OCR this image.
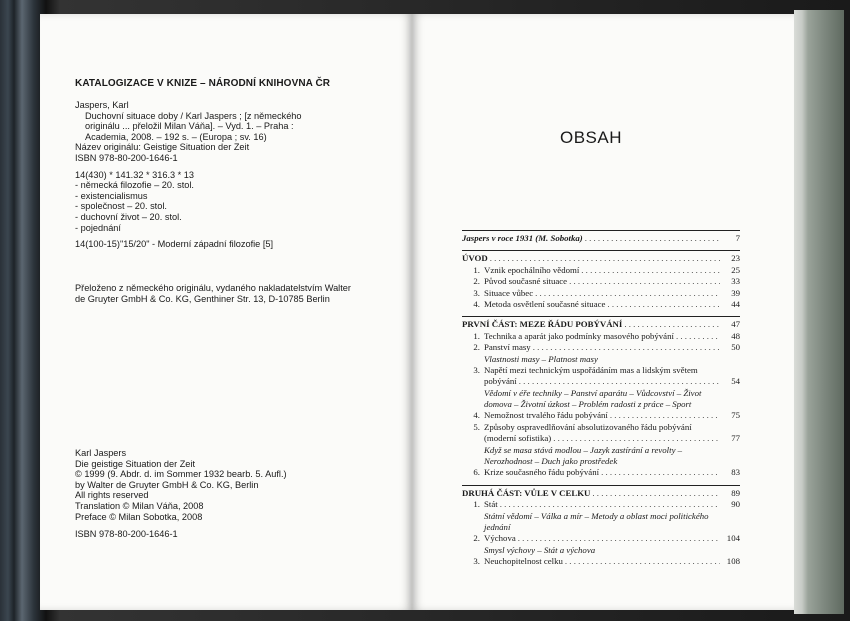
KATALOGIZACE V KNIZE – NÁRODNÍ KNIHOVNA ČR
Jaspers, Karl
Duchovní situace doby / Karl Jaspers ; [z německého
originálu ... přeložil Milan Váňa]. – Vyd. 1. – Praha :
Academia, 2008. – 192 s. – (Europa ; sv. 16)
Název originálu: Geistige Situation der Zeit
ISBN 978-80-200-1646-1
14(430) * 141.32 * 316.3 * 13
- německá filozofie – 20. stol.
- existencialismus
- společnost – 20. stol.
- duchovní život – 20. stol.
- pojednání
14(100-15)"15/20" - Moderní západní filozofie [5]
Přeloženo z německého originálu, vydaného nakladatelstvím Walter
de Gruyter GmbH & Co. KG, Genthiner Str. 13, D-10785 Berlin
Karl Jaspers
Die geistige Situation der Zeit
© 1999 (9. Abdr. d. im Sommer 1932 bearb. 5. Aufl.)
by Walter de Gruyter GmbH & Co. KG, Berlin
All rights reserved
Translation © Milan Váňa, 2008
Preface © Milan Sobotka, 2008
ISBN 978-80-200-1646-1
OBSAH
Jaspers v roce 1931 (M. Sobotka) . . .	7
ÚVOD . . .	23
1. Vznik epochálního vědomí . . .	25
2. Původ současné situace . . .	33
3. Situace vůbec . . .	39
4. Metoda osvětlení současné situace . . .	44
PRVNÍ ČÁST: MEZE ŘÁDU POBÝVÁNÍ . . .	47
1. Technika a aparát jako podmínky masového pobývání . . .	48
2. Panství masy . . .	50
Vlastnosti masy – Platnost masy
3. Napětí mezi technickým uspořádáním mas a lidským světem
pobývání . . .	54
Vědomí v éře techniky – Panství aparátu – Vůdcovství – Život
domova – Životní úzkost – Problém radosti z práce – Sport
4. Nemožnost trvalého řádu pobývání . . .	75
5. Způsoby ospravedlňování absolutizovaného řádu pobývání
(moderní sofistika) . . .	77
Když se masa stává modlou – Jazyk zastírání a revolty –
Nerozhodnost – Duch jako prostředek
6. Krize současného řádu pobývání . . .	83
DRUHÁ ČÁST: VŮLE V CELKU . . .	89
1. Stát . . .	90
Státní vědomí – Válka a mír – Metody a oblast moci politického
jednání
2. Výchova . . .	104
Smysl výchovy – Stát a výchova
3. Neuchopitelnost celku . . .	108
